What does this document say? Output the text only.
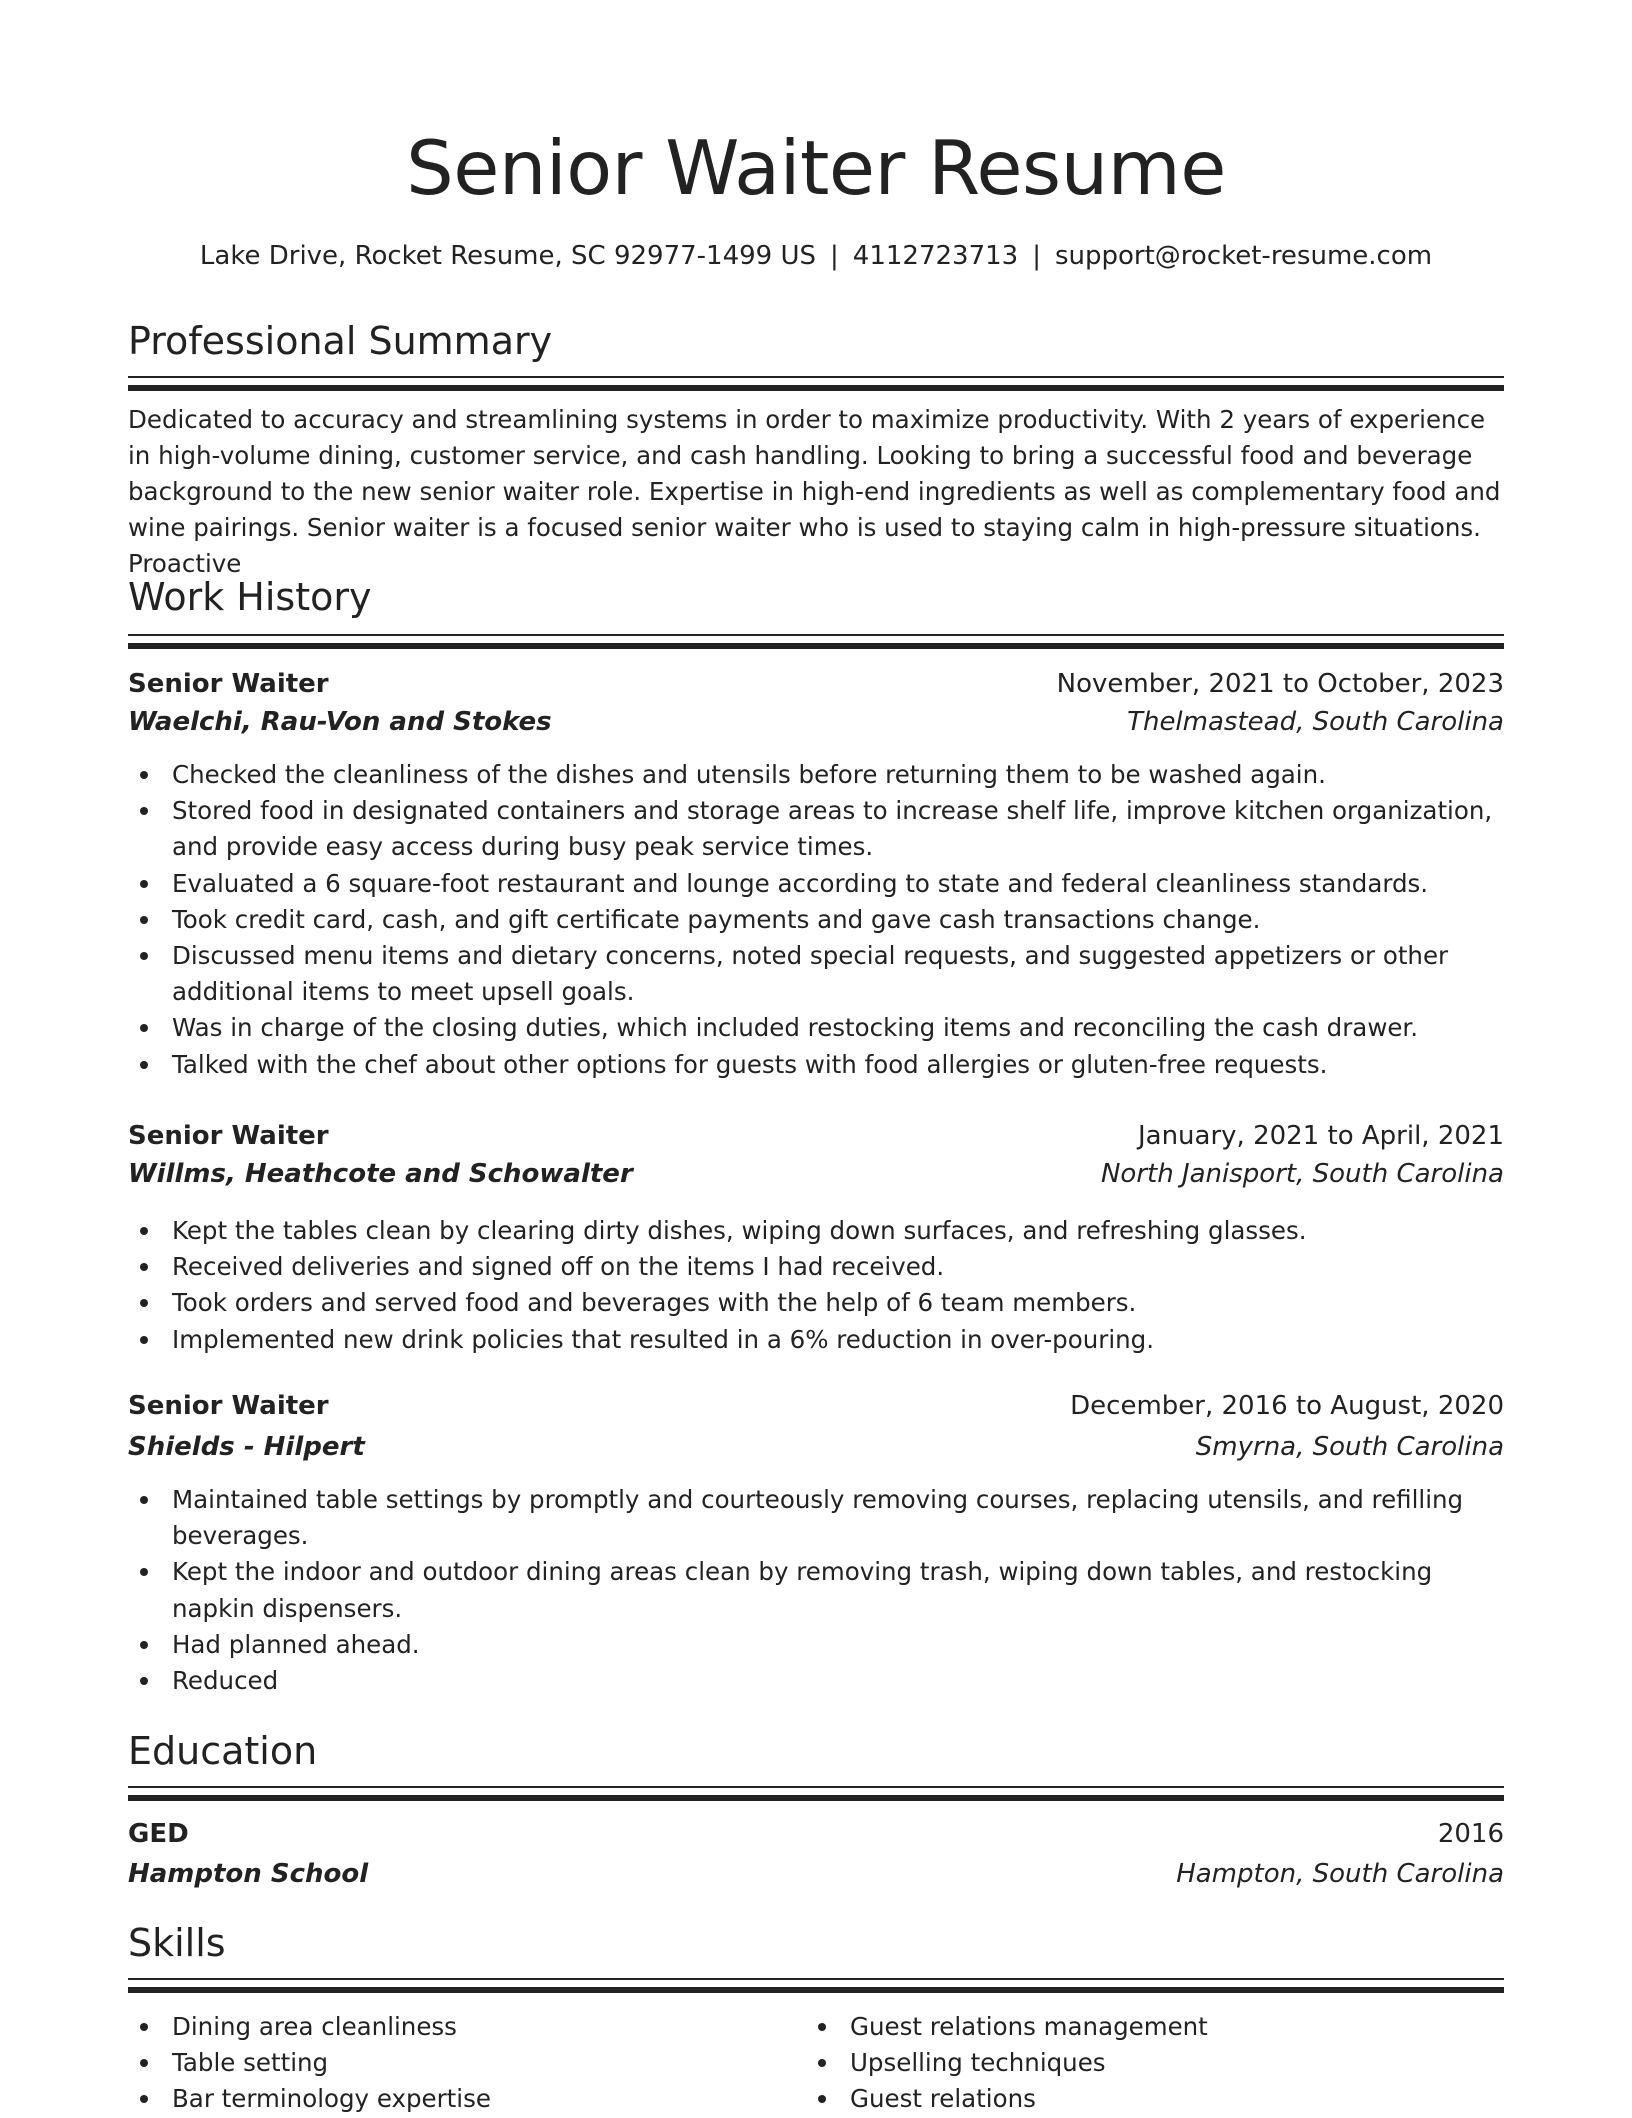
Senior Waiter Resume
Lake Drive, Rocket Resume, SC 92977-1499 US | 4112723713 | support@rocket-resume.com
Professional Summary
Dedicated to accuracy and streamlining systems in order to maximize productivity. With 2 years of experience in high-volume dining, customer service, and cash handling. Looking to bring a successful food and beverage background to the new senior waiter role. Expertise in high-end ingredients as well as complementary food and wine pairings. Senior waiter is a focused senior waiter who is used to staying calm in high-pressure situations. Proactive
Work History
Senior Waiter	November, 2021 to October, 2023
Waelchi, Rau-Von and Stokes	Thelmastead, South Carolina
Checked the cleanliness of the dishes and utensils before returning them to be washed again.
Stored food in designated containers and storage areas to increase shelf life, improve kitchen organization, and provide easy access during busy peak service times.
Evaluated a 6 square-foot restaurant and lounge according to state and federal cleanliness standards.
Took credit card, cash, and gift certificate payments and gave cash transactions change.
Discussed menu items and dietary concerns, noted special requests, and suggested appetizers or other additional items to meet upsell goals.
Was in charge of the closing duties, which included restocking items and reconciling the cash drawer.
Talked with the chef about other options for guests with food allergies or gluten-free requests.
Senior Waiter	January, 2021 to April, 2021
Willms, Heathcote and Schowalter	North Janisport, South Carolina
Kept the tables clean by clearing dirty dishes, wiping down surfaces, and refreshing glasses.
Received deliveries and signed off on the items I had received.
Took orders and served food and beverages with the help of 6 team members.
Implemented new drink policies that resulted in a 6% reduction in over-pouring.
Senior Waiter	December, 2016 to August, 2020
Shields - Hilpert	Smyrna, South Carolina
Maintained table settings by promptly and courteously removing courses, replacing utensils, and refilling beverages.
Kept the indoor and outdoor dining areas clean by removing trash, wiping down tables, and restocking napkin dispensers.
Had planned ahead.
Reduced
Education
GED	2016
Hampton School	Hampton, South Carolina
Skills
Dining area cleanliness
Table setting
Bar terminology expertise
Guest relations management
Upselling techniques
Guest relations
